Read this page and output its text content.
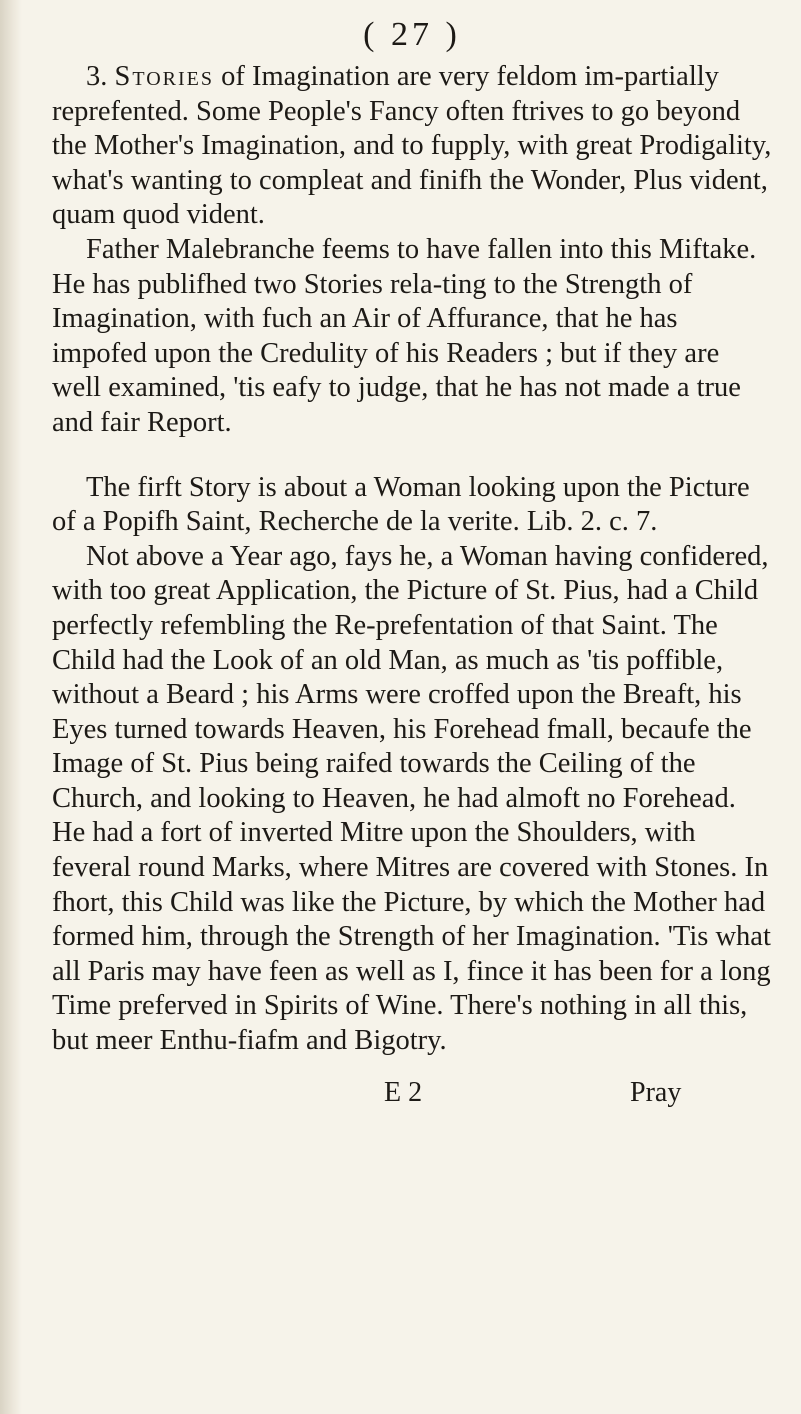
( 27 )

3. Stories of Imagination are very feldom im-partially reprefented. Some People's Fancy often ftrives to go beyond the Mother's Imagination, and to fupply, with great Prodigality, what's wanting to compleat and finifh the Wonder, Plus vident, quam quod vident.

Father Malebranche feems to have fallen into this Miftake. He has publifhed two Stories rela-ting to the Strength of Imagination, with fuch an Air of Affurance, that he has impofed upon the Credulity of his Readers ; but if they are well examined, 'tis eafy to judge, that he has not made a true and fair Report.

The firft Story is about a Woman looking upon the Picture of a Popifh Saint, Recherche de la verite. Lib. 2. c. 7.

Not above a Year ago, fays he, a Woman having confidered, with too great Application, the Picture of St. Pius, had a Child perfectly refembling the Re-prefentation of that Saint. The Child had the Look of an old Man, as much as 'tis poffible, without a Beard ; his Arms were croffed upon the Breaft, his Eyes turned towards Heaven, his Forehead fmall, becaufe the Image of St. Pius being raifed towards the Ceiling of the Church, and looking to Heaven, he had almoft no Forehead. He had a fort of inverted Mitre upon the Shoulders, with feveral round Marks, where Mitres are covered with Stones. In fhort, this Child was like the Picture, by which the Mother had formed him, through the Strength of her Imagination. 'Tis what all Paris may have feen as well as I, fince it has been for a long Time preferved in Spirits of Wine. There's nothing in all this, but meer Enthu-fiafm and Bigotry.

E 2	Pray
